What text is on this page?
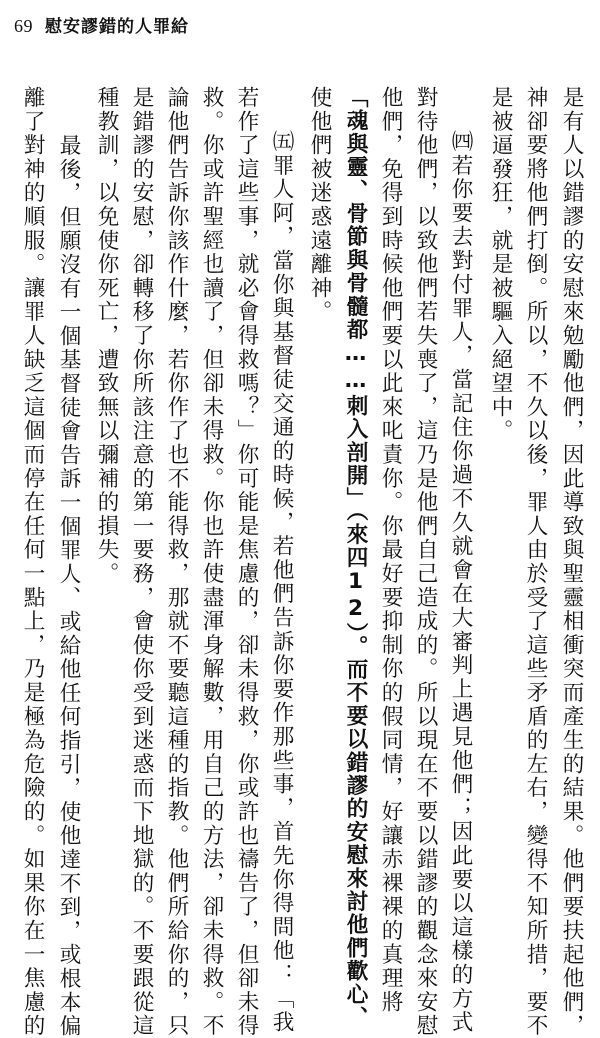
69 慰安謬錯的人罪給
是有人以錯謬的安慰來勉勵他們，因此導致與聖靈相衝突而產生的結果。他們要扶起他們，
神卻要將他們打倒。所以，不久以後，罪人由於受了這些矛盾的左右，變得不知所措，要不
是被逼發狂，就是被驅入絕望中。
㈣若你要去對付罪人，當記住你過不久就會在大審判上遇見他們；因此要以這樣的方式
對待他們，以致他們若失喪了，這乃是他們自己造成的。所以現在不要以錯謬的觀念來安慰
他們，免得到時候他們要以此來叱責你。你最好要抑制你的假同情，好讓赤裸裸的真理將
「魂與靈、骨節與骨髓都……刺入剖開」（來四12）。而不要以錯謬的安慰來討他們歡心、
使他們被迷惑遠離神。
㈤罪人阿，當你與基督徒交通的時候，若他們告訴你要作那些事，首先你得問他：「我
若作了這些事，就必會得救嗎？」你可能是焦慮的，卻未得救，你或許也禱告了，但卻未得
救。你或許聖經也讀了，但卻未得救。你也許使盡渾身解數，用自己的方法，卻未得救。不
論他們告訴你該作什麼，若你作了也不能得救，那就不要聽這種的指教。他們所給你的，只
是錯謬的安慰，卻轉移了你所該注意的第一要務，會使你受到迷惑而下地獄的。不要跟從這
種教訓，以免使你死亡，遭致無以彌補的損失。
最後，但願沒有一個基督徒會告訴一個罪人、或給他任何指引，使他達不到，或根本偏
離了對神的順服。讓罪人缺乏這個而停在任何一點上，乃是極為危險的。如果你在一焦慮的
